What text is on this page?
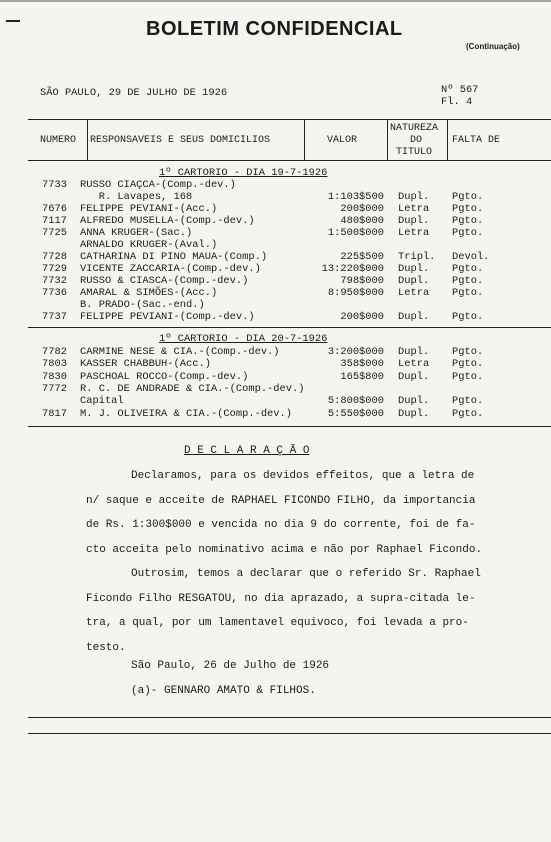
BOLETIM CONFIDENCIAL
(Continuação)
SÃO PAULO, 29 DE JULHO DE 1926	Nº 567
Fl. 4
NUMERO RESPONSAVEIS E SEUS DOMICILIOS	VALOR
NATUREZA
DO
TITULO
FALTA DE
1º CARTORIO - DIA 19-7-1926
7733 RUSSO CIAÇCA-(Comp.-dev.)
R. Lavapes, 168	1:103$500 Dupl. Pgto.
7676 FELIPPE PEVIANI-(Acc.)	200$000 Letra Pgto.
7117 ALFREDO MUSELLA-(Comp.-dev.)	480$000 Dupl. Pgto.
7725 ANNA KRUGER-(Sac.)	1:500$000 Letra Pgto.
ARNALDO KRUGER-(Aval.)
7728 CATHARINA DI PINO MAUA-(Comp.)	225$500 Tripl. Devol.
7729 VICENTE ZACCARIA-(Comp.-dev.)	13:220$000 Dupl. Pgto.
7732 RUSSO & CIASCA-(Comp.-dev.)	798$000 Dupl. Pgto.
7736 AMARAL & SIMÕES-(Acc.)	8:950$000 Letra Pgto.
B. PRADO-(Sac.-end.)
7737 FELIPPE PEVIANI-(Comp.-dev.)	200$000 Dupl. Pgto.
1º CARTORIO - DIA 20-7-1926
7782 CARMINE NESE & CIA.-(Comp.-dev.)	3:200$000 Dupl. Pgto.
7803 KASSER CHABBUH-(Acc.)	358$000 Letra Pgto.
7830 PASCHOAL ROCCO-(Comp.-dev.)	165$800 Dupl. Pgto.
7772 R. C. DE ANDRADE & CIA.-(Comp.-dev.)
Capital	5:800$000 Dupl. Pgto.
7817 M. J. OLIVEIRA & CIA.-(Comp.-dev.)	5:550$000 Dupl. Pgto.
D E C L A R A Ç Ã O
Declaramos, para os devidos effeitos, que a letra de
n/ saque e acceite de RAPHAEL FICONDO FILHO, da importancia
de Rs. 1:300$000 e vencida no dia 9 do corrente, foi de fa-
cto acceita pelo nominativo acima e não por Raphael Ficondo.
Outrosim, temos a declarar que o referido Sr. Raphael
Ficondo Filho RESGATOU, no dia aprazado, a supra-citada le-
tra, a qual, por um lamentavel equivoco, foi levada a pro-
testo.
São Paulo, 26 de Julho de 1926
(a)- GENNARO AMATO & FILHOS.
